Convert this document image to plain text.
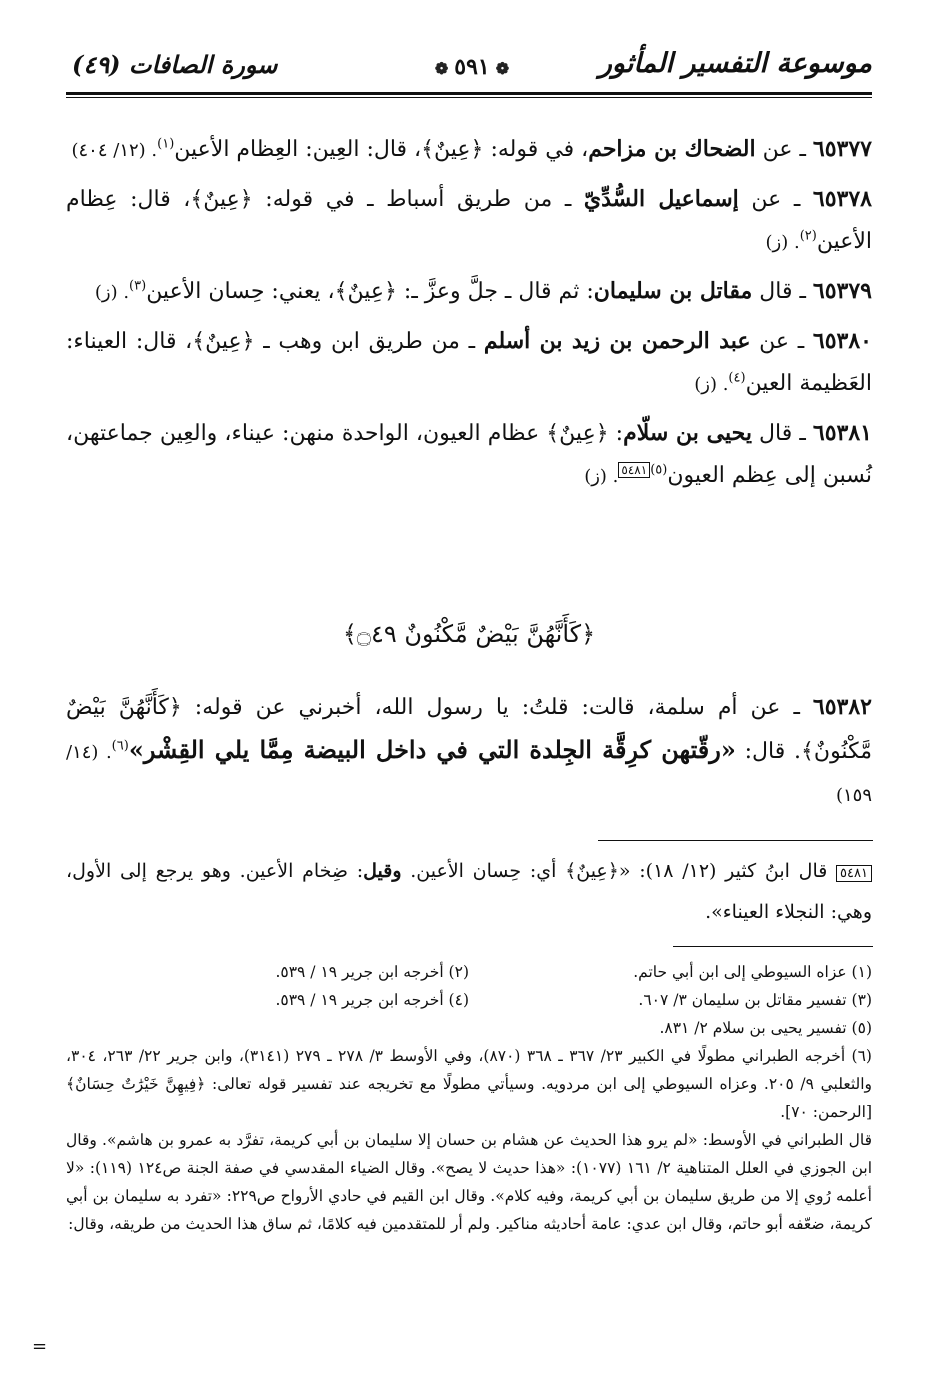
موسوعة التفسير المأثور
❁٥٩١❁
سورة الصافات (٤٩)
٦٥٣٧٧ ـ عن الضحاك بن مزاحم، في قوله: ﴿عِينٌ﴾، قال: العِين: العِظام الأعين$^{(١)}$. (١٢/ ٤٠٤)
٦٥٣٧٨ ـ عن إسماعيل السُّدِّيّ ـ من طريق أسباط ـ في قوله: ﴿عِينٌ﴾، قال: عِظام الأعين$^{(٢)}$. (ز)
٦٥٣٧٩ ـ قال مقاتل بن سليمان: ثم قال ـ جلَّ وعزَّ ـ: ﴿عِينٌ﴾، يعني: حِسان الأعين$^{(٣)}$. (ز)
٦٥٣٨٠ ـ عن عبد الرحمن بن زيد بن أسلم ـ من طريق ابن وهب ـ ﴿عِينٌ﴾، قال: العيناء: العَظيمة العين$^{(٤)}$. (ز)
٦٥٣٨١ ـ قال يحيى بن سلّام: ﴿عِينٌ﴾ عظام العيون، الواحدة منهن: عيناء، والعِين جماعتهن، نُسبن إلى عِظم العيون$^{(٥)٥٤٨١}$. (ز)
﴿كَأَنَّهُنَّ بَيْضٌ مَّكْنُونٌ ۝٤٩﴾
٦٥٣٨٢ ـ عن أم سلمة، قالت: قلتُ: يا رسول الله، أخبرني عن قوله: ﴿كَأَنَّهُنَّ بَيْضٌ مَّكْنُونٌ﴾. قال: «رقّتهن كرِقَّة الجِلدة التي في داخل البيضة مِمَّا يلي القِشْر»$^{(٦)}$. (١٤/ ١٥٩)
٥٤٨١ قال ابنُ كثير (١٢/ ١٨): «﴿عِينٌ﴾ أي: حِسان الأعين. وقيل: ضِخام الأعين. وهو يرجع إلى الأول، وهي: النجلاء العيناء».
(١) عزاه السيوطي إلى ابن أبي حاتم.
(٢) أخرجه ابن جرير ١٩ / ٥٣٩.
(٣) تفسير مقاتل بن سليمان ٣/ ٦٠٧.
(٤) أخرجه ابن جرير ١٩ / ٥٣٩.
(٥) تفسير يحيى بن سلام ٢/ ٨٣١.
(٦) أخرجه الطبراني مطولًا في الكبير ٢٣/ ٣٦٧ ـ ٣٦٨ (٨٧٠)، وفي الأوسط ٣/ ٢٧٨ ـ ٢٧٩ (٣١٤١)، وابن جرير ٢٢/ ٢٦٣، ٣٠٤، والثعلبي ٩/ ٢٠٥. وعزاه السيوطي إلى ابن مردويه. وسيأتي مطولًا مع تخريجه عند تفسير قوله تعالى: ﴿فِيهِنَّ خَيْرَٰتٌ حِسَانٌ﴾ [الرحمن: ٧٠].
قال الطبراني في الأوسط: «لم يرو هذا الحديث عن هشام بن حسان إلا سليمان بن أبي كريمة، تفرَّد به عمرو بن هاشم». وقال ابن الجوزي في العلل المتناهية ٢/ ١٦١ (١٠٧٧): «هذا حديث لا يصح». وقال الضياء المقدسي في صفة الجنة ص١٢٤ (١١٩): «لا أعلمه رُوي إلا من طريق سليمان بن أبي كريمة، وفيه كلام». وقال ابن القيم في حادي الأرواح ص٢٢٩: «تفرد به سليمان بن أبي كريمة، ضعّفه أبو حاتم، وقال ابن عدي: عامة أحاديثه مناكير. ولم أر للمتقدمين فيه كلامًا، ثم ساق هذا الحديث من طريقه، وقال:
=
